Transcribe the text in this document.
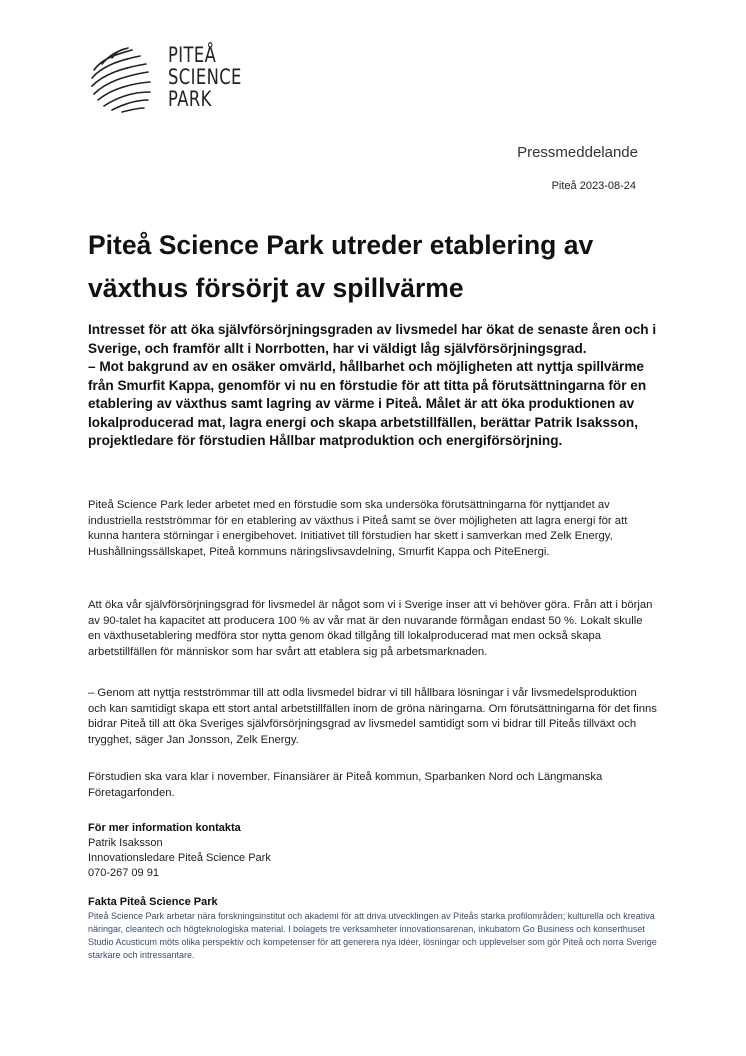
PITEÅ
SCIENCE
PARK
Pressmeddelande
Piteå 2023-08-24
Piteå Science Park utreder etablering av växthus försörjt av spillvärme

Intresset för att öka självförsörjningsgraden av livsmedel har ökat de senaste åren och i Sverige, och framför allt i Norrbotten, har vi väldigt låg självförsörjningsgrad.
– Mot bakgrund av en osäker omvärld, hållbarhet och möjligheten att nyttja spillvärme från Smurfit Kappa, genomför vi nu en förstudie för att titta på förutsättningarna för en etablering av växthus samt lagring av värme i Piteå. Målet är att öka produktionen av lokalproducerad mat, lagra energi och skapa arbetstillfällen, berättar Patrik Isaksson, projektledare för förstudien Hållbar matproduktion och energiförsörjning.

Piteå Science Park leder arbetet med en förstudie som ska undersöka förutsättningarna för nyttjandet av industriella restströmmar för en etablering av växthus i Piteå samt se över möjligheten att lagra energi för att kunna hantera störningar i energibehovet. Initiativet till förstudien har skett i samverkan med Zelk Energy, Hushållningssällskapet, Piteå kommuns näringslivsavdelning, Smurfit Kappa och PiteEnergi.

Att öka vår självförsörjningsgrad för livsmedel är något som vi i Sverige inser att vi behöver göra. Från att i början av 90-talet ha kapacitet att producera 100 % av vår mat är den nuvarande förmågan endast 50 %. Lokalt skulle en växthusetablering medföra stor nytta genom ökad tillgång till lokalproducerad mat men också skapa arbetstillfällen för människor som har svårt att etablera sig på arbetsmarknaden.

– Genom att nyttja restströmmar till att odla livsmedel bidrar vi till hållbara lösningar i vår livsmedelsproduktion och kan samtidigt skapa ett stort antal arbetstillfällen inom de gröna näringarna. Om förutsättningarna för det finns bidrar Piteå till att öka Sveriges självförsörjningsgrad av livsmedel samtidigt som vi bidrar till Piteås tillväxt och trygghet, säger Jan Jonsson, Zelk Energy.

Förstudien ska vara klar i november. Finansiärer är Piteå kommun, Sparbanken Nord och Längmanska Företagarfonden.

För mer information kontakta
Patrik Isaksson
Innovationsledare Piteå Science Park
070-267 09 91
Fakta Piteå Science Park
Piteå Science Park arbetar nära forskningsinstitut och akademi för att driva utvecklingen av Piteås starka profilområden; kulturella och kreativa näringar, cleantech och högteknologiska material. I bolagets tre verksamheter innovationsarenan, inkubatorn Go Business och konserthuset Studio Acusticum möts olika perspektiv och kompetenser för att generera nya idéer, lösningar och upplevelser som gör Piteå och norra Sverige starkare och intressantare.
